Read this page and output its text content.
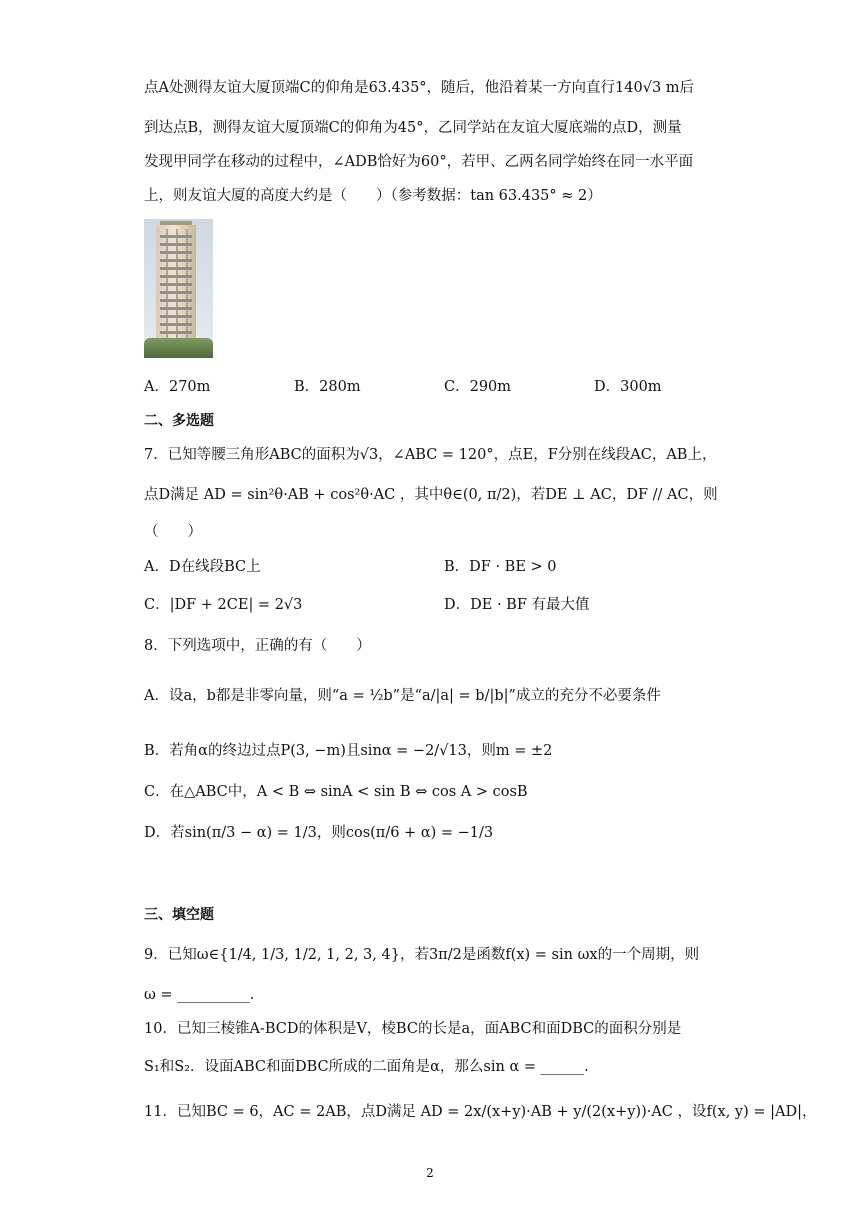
点A处测得友谊大厦顶端C的仰角是63.435°，随后，他沿着某一方向直行140√3 m后
到达点B，测得友谊大厦顶端C的仰角为45°，乙同学站在友谊大厦底端的点D，测量
发现甲同学在移动的过程中，∠ADB恰好为60°，若甲、乙两名同学始终在同一水平面
上，则友谊大厦的高度大约是（　　）（参考数据：tan 63.435° ≈ 2）
A．270m	B．280m	C．290m	D．300m
二、多选题
7．已知等腰三角形ABC的面积为√3，∠ABC = 120°，点E，F分别在线段AC，AB上，
点D满足 AD = sin²θ·AB + cos²θ·AC ，其中θ∈(0, π/2)，若DE ⊥ AC，DF // AC，则
（　　）
A．D在线段BC上	B．DF · BE > 0
C．|DF + 2CE| = 2√3	D．DE · BF 有最大值
8．下列选项中，正确的有（　　）
A．设a，b都是非零向量，则“a = ½b”是“a/|a| = b/|b|”成立的充分不必要条件
B．若角α的终边过点P(3, −m)且sinα = −2/√13，则m = ±2
C．在△ABC中，A < B ⇔ sinA < sin B ⇔ cos A > cosB
D．若sin(π/3 − α) = 1/3，则cos(π/6 + α) = −1/3
三、填空题
9．已知ω∈{1/4, 1/3, 1/2, 1, 2, 3, 4}，若3π/2是函数f(x) = sin ωx的一个周期，则
ω = __________.
10．已知三棱锥A-BCD的体积是V，棱BC的长是a，面ABC和面DBC的面积分别是
S₁和S₂．设面ABC和面DBC所成的二面角是α，那么sin α = ______.
11．已知BC = 6，AC = 2AB，点D满足 AD = 2x/(x+y)·AB + y/(2(x+y))·AC ，设f(x, y) = |AD|，
2
